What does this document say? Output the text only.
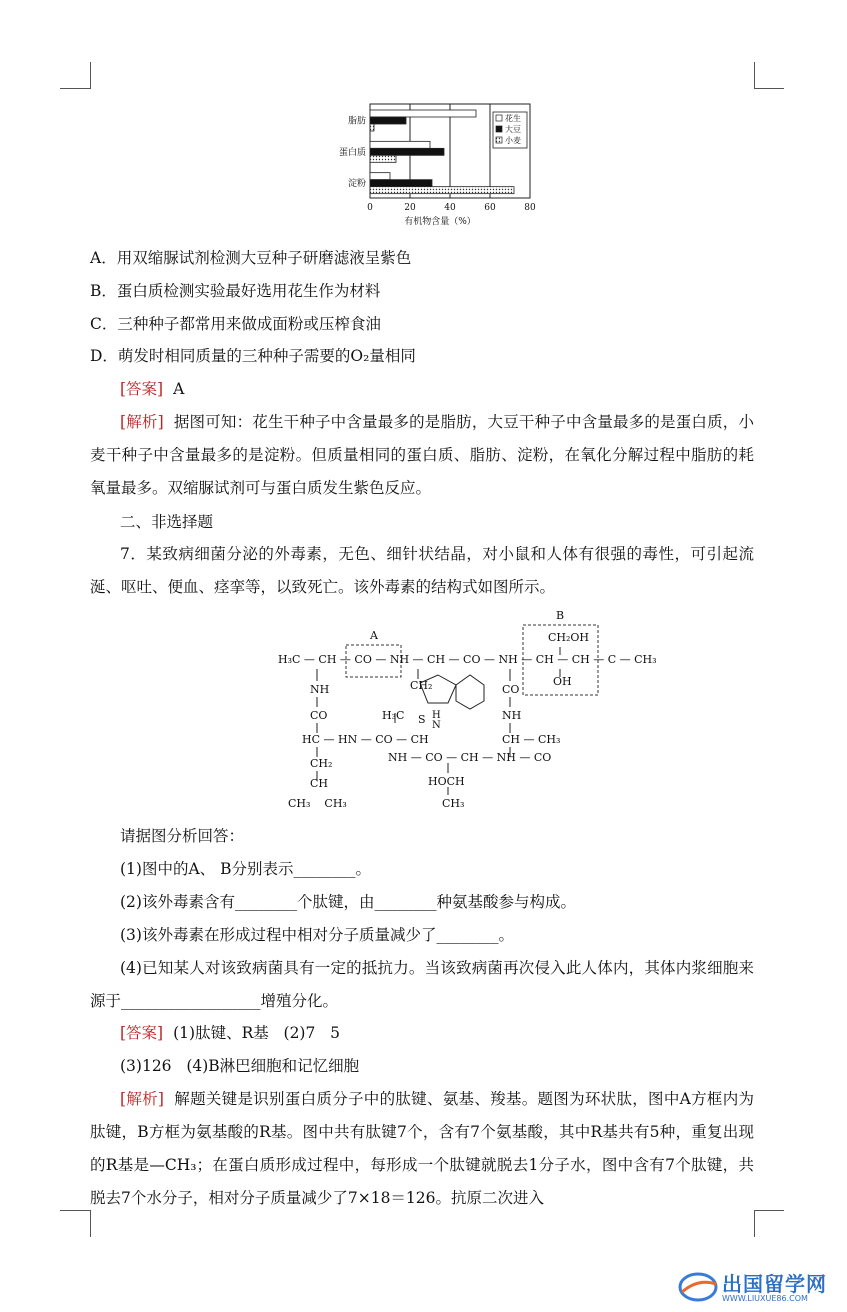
0	20	40	60	80
有机物含量（%）
脂肪
蛋白质
淀粉
花生
大豆
小麦
A．用双缩脲试剂检测大豆种子研磨滤液呈紫色
B．蛋白质检测实验最好选用花生作为材料
C．三种种子都常用来做成面粉或压榨食油
D．萌发时相同质量的三种种子需要的O₂量相同
[答案] A
[解析] 据图可知：花生干种子中含量最多的是脂肪，大豆干种子中含量最多的是蛋白质，小麦干种子中含量最多的是淀粉。但质量相同的蛋白质、脂肪、淀粉，在氧化分解过程中脂肪的耗氧量最多。双缩脲试剂可与蛋白质发生紫色反应。
二、非选择题
7．某致病细菌分泌的外毒素，无色、细针状结晶，对小鼠和人体有很强的毒性，可引起流涎、呕吐、便血、痉挛等，以致死亡。该外毒素的结构式如图所示。
A
B
H₃C — CH — CO — NH — CH — CO — NH — CH — CH — C — CH₃
CH₂OH
OH
CH₂
S H N
NH
CO
HC — HN — CO — CH
H₃C
CO
NH
CH — CH₃
CH₂
CH
CH₃    CH₃
NH — CO — CH — NH — CO
HOCH
CH₃
请据图分析回答：
(1)图中的A、 B分别表示________。
(2)该外毒素含有________个肽键，由________种氨基酸参与构成。
(3)该外毒素在形成过程中相对分子质量减少了________。
(4)已知某人对该致病菌具有一定的抵抗力。当该致病菌再次侵入此人体内，其体内浆细胞来源于__________________增殖分化。
[答案] (1)肽键、R基   (2)7   5
(3)126   (4)B淋巴细胞和记忆细胞
[解析] 解题关键是识别蛋白质分子中的肽键、氨基、羧基。题图为环状肽，图中A方框内为肽键，B方框为氨基酸的R基。图中共有肽键7个，含有7个氨基酸，其中R基共有5种，重复出现的R基是—CH₃；在蛋白质形成过程中，每形成一个肽键就脱去1分子水，图中含有7个肽键，共脱去7个水分子，相对分子质量减少了7×18＝126。抗原二次进入
出国留学网
WWW.LIUXUE86.COM
